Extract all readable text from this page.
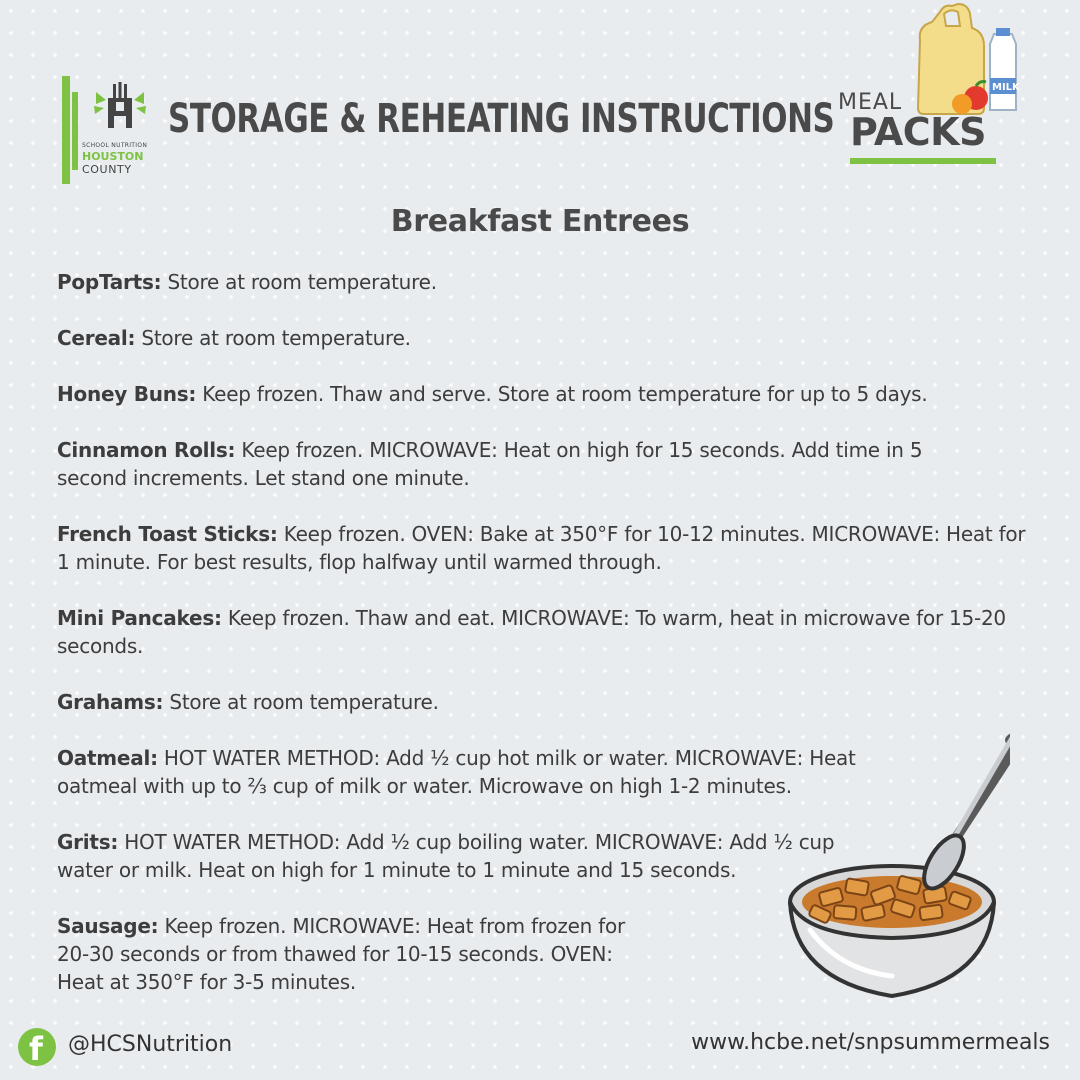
SCHOOL NUTRITION
HOUSTON
COUNTY
STORAGE & REHEATING INSTRUCTIONS
MILK
MEAL
PACKS
Breakfast Entrees
PopTarts: Store at room temperature.
Cereal: Store at room temperature.
Honey Buns: Keep frozen. Thaw and serve. Store at room temperature for up to 5 days.
Cinnamon Rolls: Keep frozen. MICROWAVE: Heat on high for 15 seconds. Add time in 5 second increments. Let stand one minute.
French Toast Sticks: Keep frozen. OVEN: Bake at 350°F for 10-12 minutes. MICROWAVE: Heat for 1 minute. For best results, flop halfway until warmed through.
Mini Pancakes: Keep frozen. Thaw and eat. MICROWAVE: To warm, heat in microwave for 15-20 seconds.
Grahams: Store at room temperature.
Oatmeal: HOT WATER METHOD: Add ½ cup hot milk or water. MICROWAVE: Heat oatmeal with up to ⅔ cup of milk or water. Microwave on high 1-2 minutes.
Grits: HOT WATER METHOD: Add ½ cup boiling water. MICROWAVE: Add ½ cup water or milk. Heat on high for 1 minute to 1 minute and 15 seconds.
Sausage: Keep frozen. MICROWAVE: Heat from frozen for 20-30 seconds or from thawed for 10-15 seconds. OVEN: Heat at 350°F for 3-5 minutes.
f @HCSNutrition	www.hcbe.net/snpsummermeals
